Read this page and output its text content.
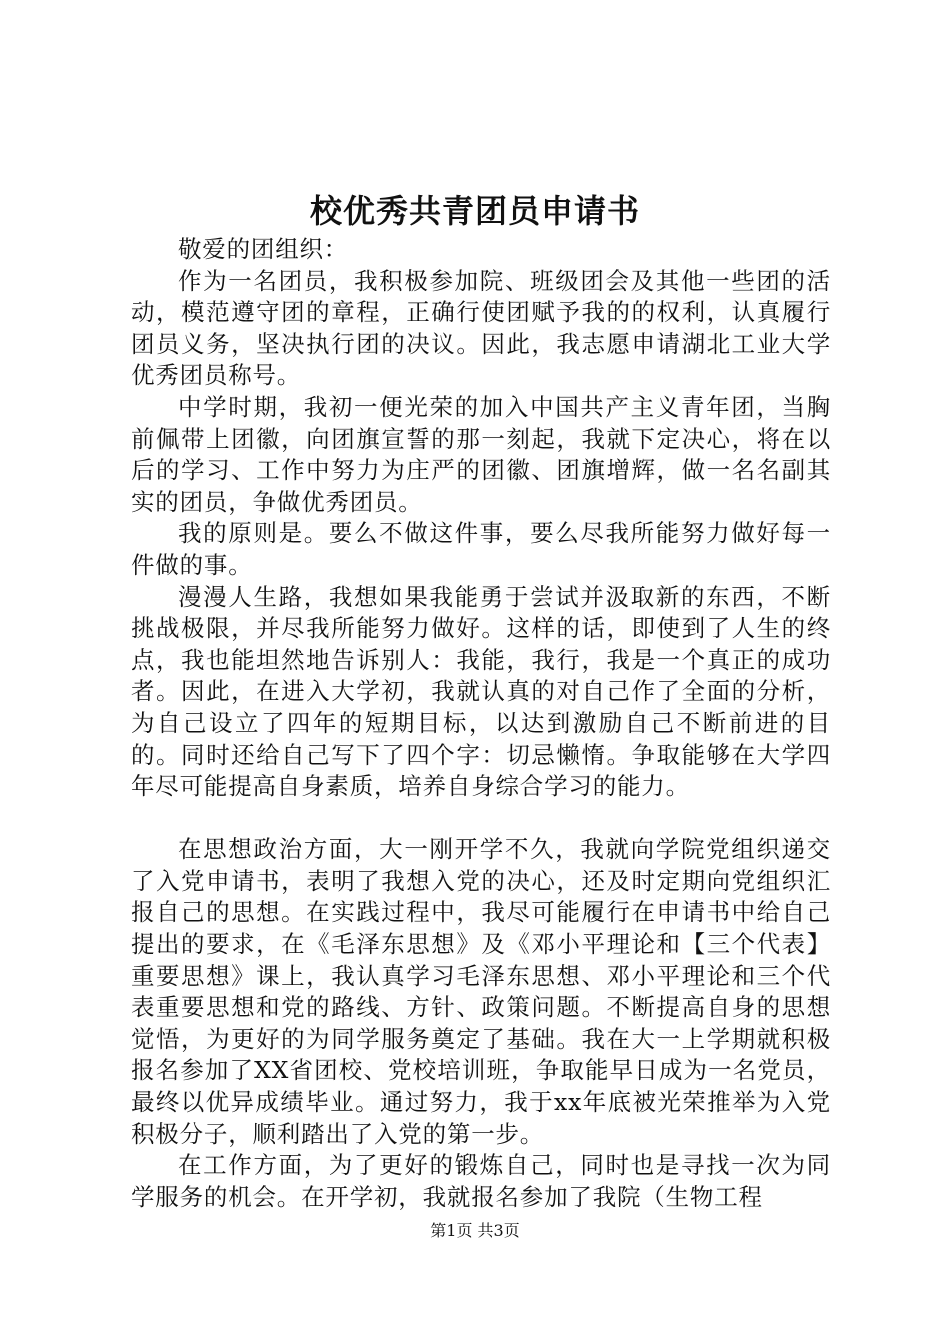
校优秀共青团员申请书

敬爱的团组织：

作为一名团员，我积极参加院、班级团会及其他一些团的活动，模范遵守团的章程，正确行使团赋予我的的权利，认真履行团员义务，坚决执行团的决议。因此，我志愿申请湖北工业大学优秀团员称号。

中学时期，我初一便光荣的加入中国共产主义青年团，当胸前佩带上团徽，向团旗宣誓的那一刻起，我就下定决心，将在以后的学习、工作中努力为庄严的团徽、团旗增辉，做一名名副其实的团员，争做优秀团员。

我的原则是。要么不做这件事，要么尽我所能努力做好每一件做的事。

漫漫人生路，我想如果我能勇于尝试并汲取新的东西，不断挑战极限，并尽我所能努力做好。这样的话，即使到了人生的终点，我也能坦然地告诉别人：我能，我行，我是一个真正的成功者。因此，在进入大学初，我就认真的对自己作了全面的分析，为自己设立了四年的短期目标，以达到激励自己不断前进的目的。同时还给自己写下了四个字：切忌懒惰。争取能够在大学四年尽可能提高自身素质，培养自身综合学习的能力。

在思想政治方面，大一刚开学不久，我就向学院党组织递交了入党申请书，表明了我想入党的决心，还及时定期向党组织汇报自己的思想。在实践过程中，我尽可能履行在申请书中给自己提出的要求，在《毛泽东思想》及《邓小平理论和【三个代表】重要思想》课上，我认真学习毛泽东思想、邓小平理论和三个代表重要思想和党的路线、方针、政策问题。不断提高自身的思想觉悟，为更好的为同学服务奠定了基础。我在大一上学期就积极报名参加了XX省团校、党校培训班，争取能早日成为一名党员，最终以优异成绩毕业。通过努力，我于xx年底被光荣推举为入党积极分子，顺利踏出了入党的第一步。

在工作方面，为了更好的锻炼自己，同时也是寻找一次为同学服务的机会。在开学初，我就报名参加了我院（生物工程

第1页 共3页
